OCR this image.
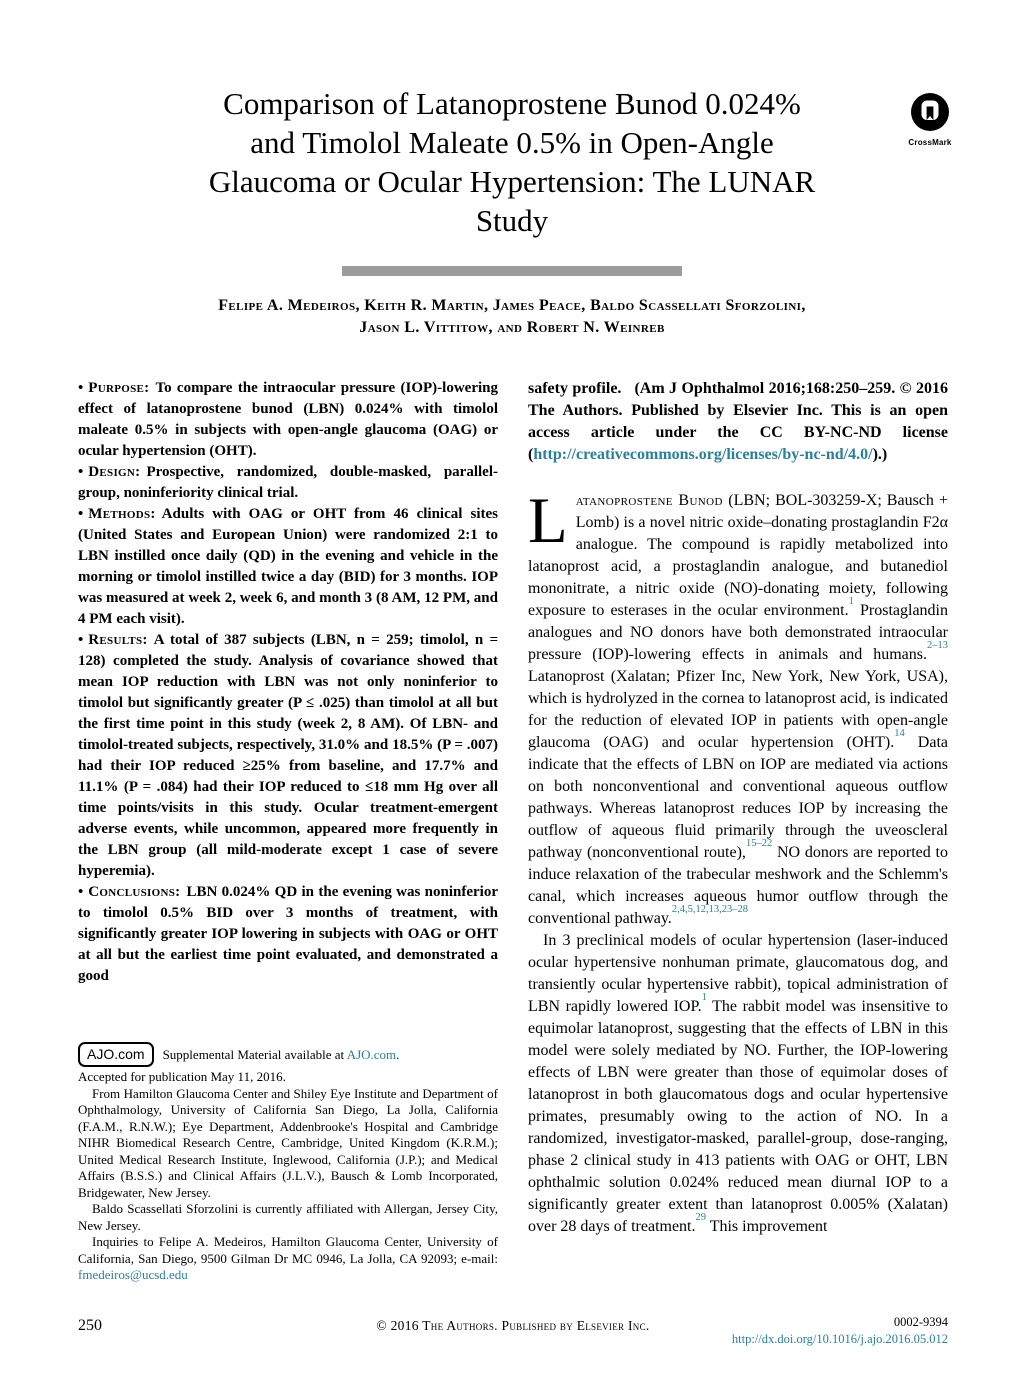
Comparison of Latanoprostene Bunod 0.024%
and Timolol Maleate 0.5% in Open-Angle
Glaucoma or Ocular Hypertension: The LUNAR
Study
CrossMark
Felipe A. Medeiros, Keith R. Martin, James Peace, Baldo Scassellati Sforzolini,
Jason L. Vittitow, and Robert N. Weinreb

• Purpose: To compare the intraocular pressure (IOP)-lowering effect of latanoprostene bunod (LBN) 0.024% with timolol maleate 0.5% in subjects with open-angle glaucoma (OAG) or ocular hypertension (OHT).

• Design: Prospective, randomized, double-masked, parallel-group, noninferiority clinical trial.

• Methods: Adults with OAG or OHT from 46 clinical sites (United States and European Union) were randomized 2:1 to LBN instilled once daily (QD) in the evening and vehicle in the morning or timolol instilled twice a day (BID) for 3 months. IOP was measured at week 2, week 6, and month 3 (8 AM, 12 PM, and 4 PM each visit).

• Results: A total of 387 subjects (LBN, n = 259; timolol, n = 128) completed the study. Analysis of covariance showed that mean IOP reduction with LBN was not only noninferior to timolol but significantly greater (P ≤ .025) than timolol at all but the first time point in this study (week 2, 8 AM). Of LBN- and timolol-treated subjects, respectively, 31.0% and 18.5% (P = .007) had their IOP reduced ≥25% from baseline, and 17.7% and 11.1% (P = .084) had their IOP reduced to ≤18 mm Hg over all time points/visits in this study. Ocular treatment-emergent adverse events, while uncommon, appeared more frequently in the LBN group (all mild-moderate except 1 case of severe hyperemia).

• Conclusions: LBN 0.024% QD in the evening was noninferior to timolol 0.5% BID over 3 months of treatment, with significantly greater IOP lowering in subjects with OAG or OHT at all but the earliest time point evaluated, and demonstrated a good

safety profile. (Am J Ophthalmol 2016;168:250–259. © 2016 The Authors. Published by Elsevier Inc. This is an open access article under the CC BY-NC-ND license (http://creativecommons.org/licenses/by-nc-nd/4.0/).)

Latanoprostene Bunod (LBN; BOL-303259-X; Bausch + Lomb) is a novel nitric oxide–donating prostaglandin F2α analogue. The compound is rapidly metabolized into latanoprost acid, a prostaglandin analogue, and butanediol mononitrate, a nitric oxide (NO)-donating moiety, following exposure to esterases in the ocular environment.$^1$ Prostaglandin analogues and NO donors have both demonstrated intraocular pressure (IOP)-lowering effects in animals and humans.$^{2-13}$ Latanoprost (Xalatan; Pfizer Inc, New York, New York, USA), which is hydrolyzed in the cornea to latanoprost acid, is indicated for the reduction of elevated IOP in patients with open-angle glaucoma (OAG) and ocular hypertension (OHT).$^{14}$ Data indicate that the effects of LBN on IOP are mediated via actions on both nonconventional and conventional aqueous outflow pathways. Whereas latanoprost reduces IOP by increasing the outflow of aqueous fluid primarily through the uveoscleral pathway (nonconventional route),$^{15-22}$ NO donors are reported to induce relaxation of the trabecular meshwork and the Schlemm's canal, which increases aqueous humor outflow through the conventional pathway.$^{2,4,5,12,13,23-28}$

In 3 preclinical models of ocular hypertension (laser-induced ocular hypertensive nonhuman primate, glaucomatous dog, and transiently ocular hypertensive rabbit), topical administration of LBN rapidly lowered IOP.$^1$ The rabbit model was insensitive to equimolar latanoprost, suggesting that the effects of LBN in this model were solely mediated by NO. Further, the IOP-lowering effects of LBN were greater than those of equimolar doses of latanoprost in both glaucomatous dogs and ocular hypertensive primates, presumably owing to the action of NO. In a randomized, investigator-masked, parallel-group, dose-ranging, phase 2 clinical study in 413 patients with OAG or OHT, LBN ophthalmic solution 0.024% reduced mean diurnal IOP to a significantly greater extent than latanoprost 0.005% (Xalatan) over 28 days of treatment.$^{29}$ This improvement

AJO.com	Supplemental Material available at AJO.com.

Accepted for publication May 11, 2016.

From Hamilton Glaucoma Center and Shiley Eye Institute and Department of Ophthalmology, University of California San Diego, La Jolla, California (F.A.M., R.N.W.); Eye Department, Addenbrooke's Hospital and Cambridge NIHR Biomedical Research Centre, Cambridge, United Kingdom (K.R.M.); United Medical Research Institute, Inglewood, California (J.P.); and Medical Affairs (B.S.S.) and Clinical Affairs (J.L.V.), Bausch & Lomb Incorporated, Bridgewater, New Jersey.

Baldo Scassellati Sforzolini is currently affiliated with Allergan, Jersey City, New Jersey.

Inquiries to Felipe A. Medeiros, Hamilton Glaucoma Center, University of California, San Diego, 9500 Gilman Dr MC 0946, La Jolla, CA 92093; e-mail: fmedeiros@ucsd.edu

250	© 2016 The Authors. Published by Elsevier Inc.	0002-9394
http://dx.doi.org/10.1016/j.ajo.2016.05.012
